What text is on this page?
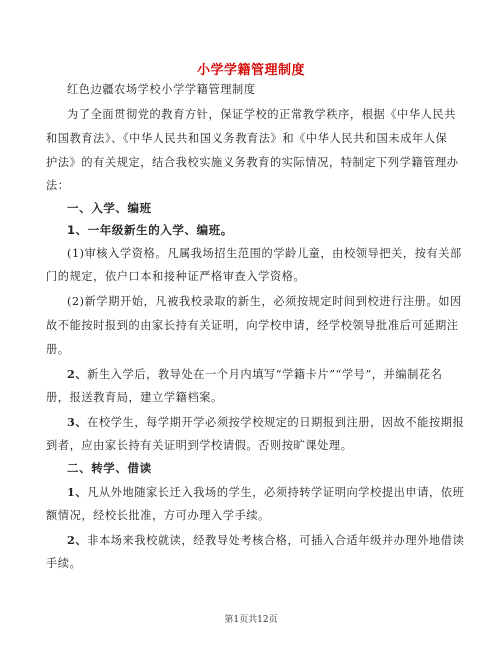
小学学籍管理制度
红色边疆农场学校小学学籍管理制度
为了全面贯彻党的教育方针，保证学校的正常教学秩序，根据《中华人民共
和国教育法》、《中华人民共和国义务教育法》和《中华人民共和国未成年人保
护法》的有关规定，结合我校实施义务教育的实际情况，特制定下列学籍管理办
法：
一、入学、编班
1、一年级新生的入学、编班。
(1)审核入学资格。凡属我场招生范围的学龄儿童，由校领导把关，按有关部
门的规定，依户口本和接种证严格审查入学资格。
(2)新学期开始，凡被我校录取的新生，必须按规定时间到校进行注册。如因
故不能按时报到的由家长持有关证明，向学校申请，经学校领导批准后可延期注
册。
2、新生入学后，教导处在一个月内填写“学籍卡片”“学号”，并编制花名
册，报送教育局，建立学籍档案。
3、在校学生，每学期开学必须按学校规定的日期报到注册，因故不能按期报
到者，应由家长持有关证明到学校请假。否则按旷课处理。
二、转学、借读
1、凡从外地随家长迁入我场的学生，必须持转学证明向学校提出申请，依班
额情况，经校长批准，方可办理入学手续。
2、非本场来我校就读，经教导处考核合格，可插入合适年级并办理外地借读
手续。
第1页共12页
